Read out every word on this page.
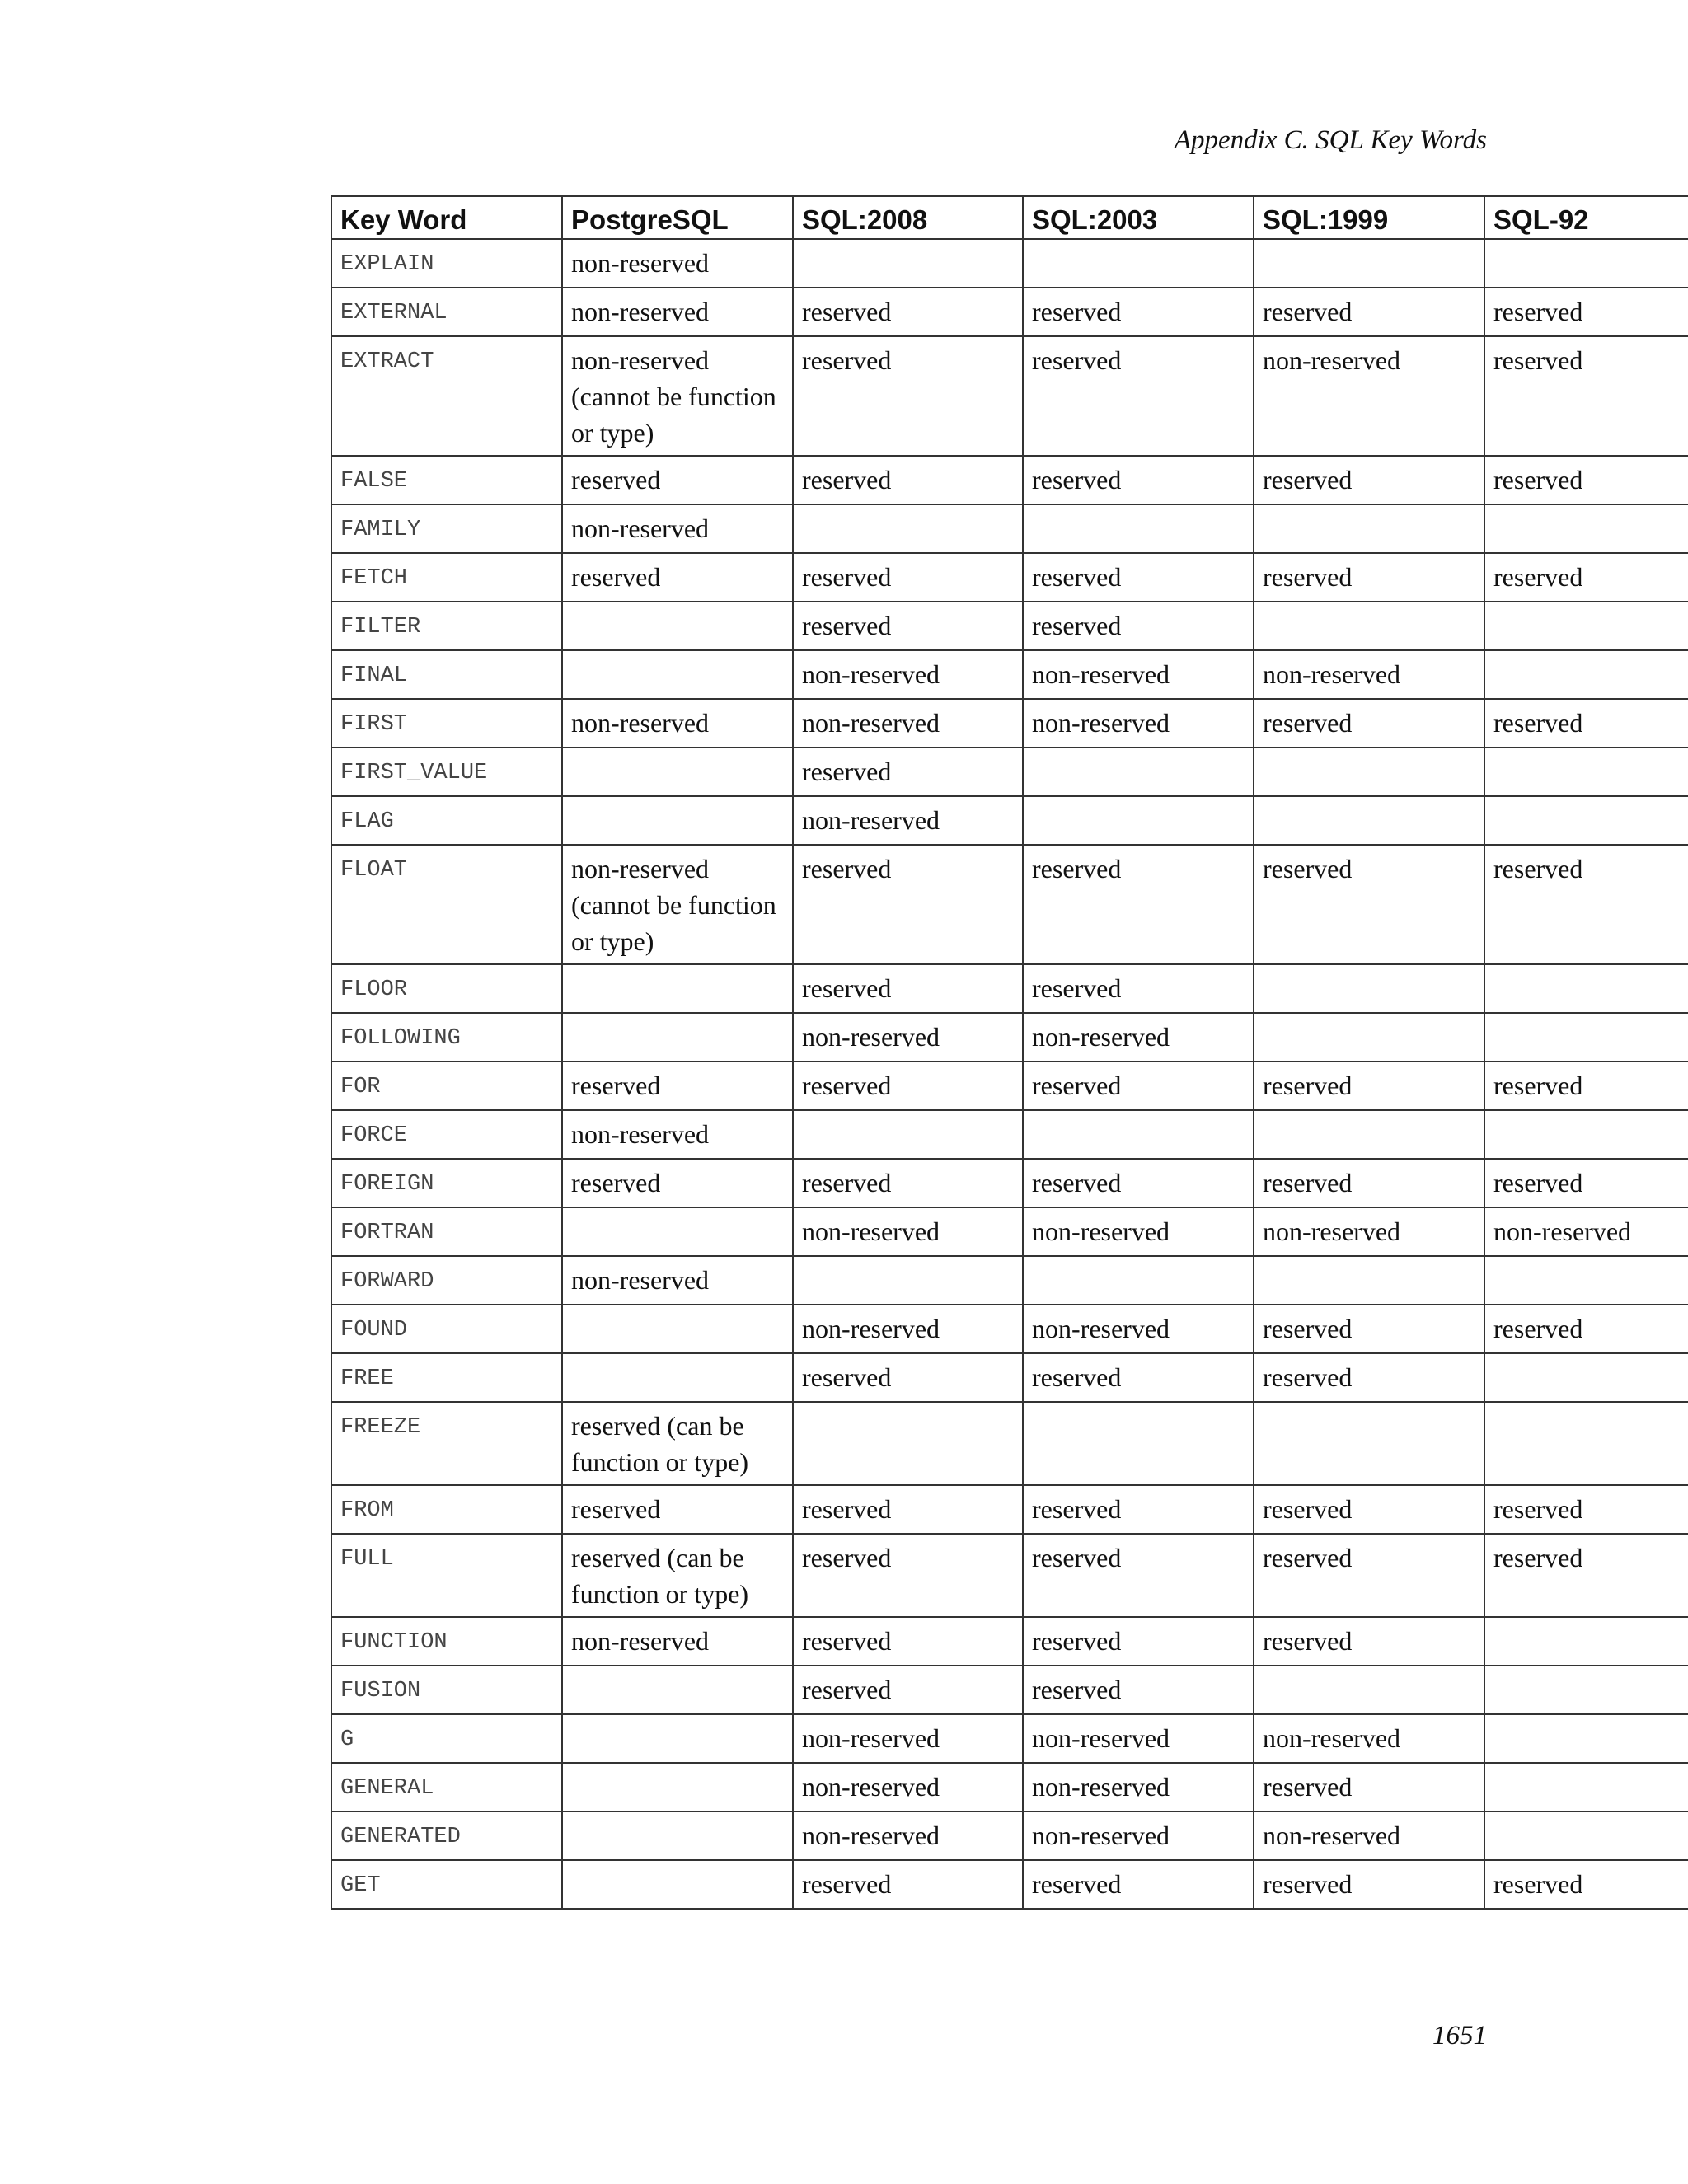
Appendix C. SQL Key Words
Key Word	PostgreSQL	SQL:2008	SQL:2003	SQL:1999	SQL-92
EXPLAIN	non-reserved				
EXTERNAL	non-reserved	reserved	reserved	reserved	reserved
EXTRACT	non-reserved (cannot be function or type)	reserved	reserved	non-reserved	reserved
FALSE	reserved	reserved	reserved	reserved	reserved
FAMILY	non-reserved				
FETCH	reserved	reserved	reserved	reserved	reserved
FILTER		reserved	reserved		
FINAL		non-reserved	non-reserved	non-reserved	
FIRST	non-reserved	non-reserved	non-reserved	reserved	reserved
FIRST_VALUE		reserved			
FLAG		non-reserved			
FLOAT	non-reserved (cannot be function or type)	reserved	reserved	reserved	reserved
FLOOR		reserved	reserved		
FOLLOWING		non-reserved	non-reserved		
FOR	reserved	reserved	reserved	reserved	reserved
FORCE	non-reserved				
FOREIGN	reserved	reserved	reserved	reserved	reserved
FORTRAN		non-reserved	non-reserved	non-reserved	non-reserved
FORWARD	non-reserved				
FOUND		non-reserved	non-reserved	reserved	reserved
FREE		reserved	reserved	reserved	
FREEZE	reserved (can be function or type)				
FROM	reserved	reserved	reserved	reserved	reserved
FULL	reserved (can be function or type)	reserved	reserved	reserved	reserved
FUNCTION	non-reserved	reserved	reserved	reserved	
FUSION		reserved	reserved		
G		non-reserved	non-reserved	non-reserved	
GENERAL		non-reserved	non-reserved	reserved	
GENERATED		non-reserved	non-reserved	non-reserved	
GET		reserved	reserved	reserved	reserved
1651
